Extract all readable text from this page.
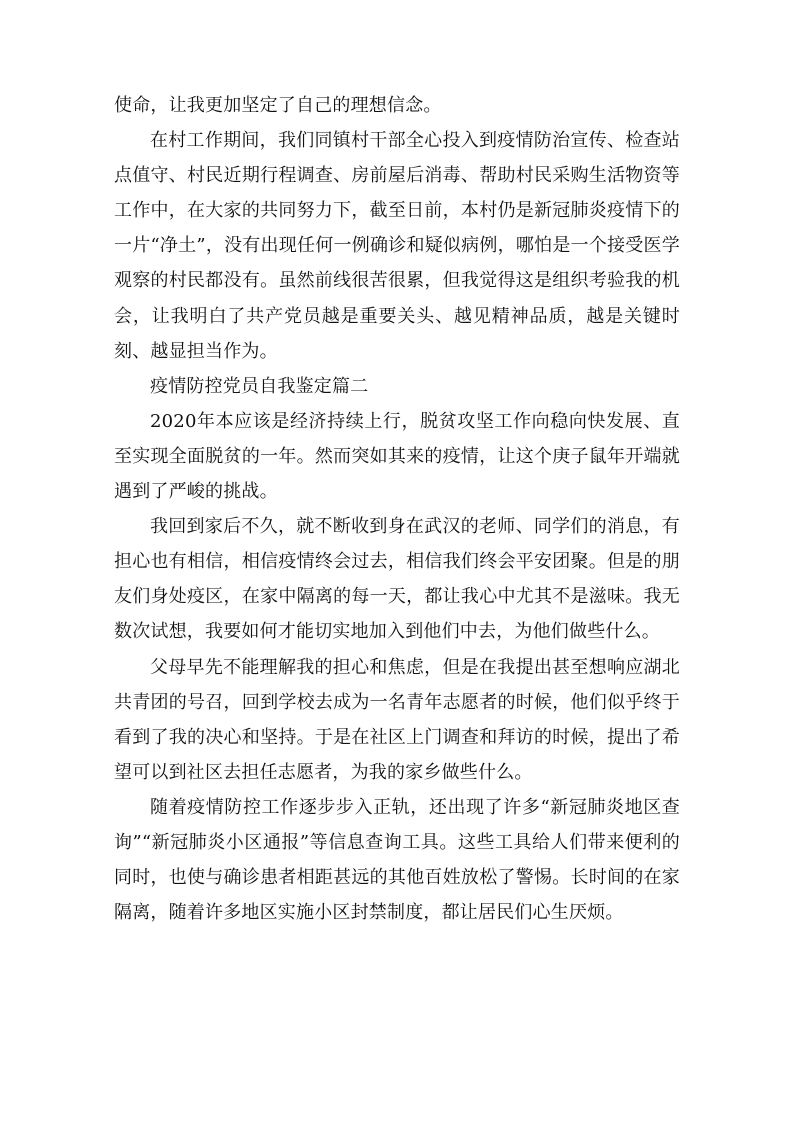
使命，让我更加坚定了自己的理想信念。

在村工作期间，我们同镇村干部全心投入到疫情防治宣传、检查站点值守、村民近期行程调查、房前屋后消毒、帮助村民采购生活物资等工作中，在大家的共同努力下，截至日前，本村仍是新冠肺炎疫情下的一片“净土”，没有出现任何一例确诊和疑似病例，哪怕是一个接受医学观察的村民都没有。虽然前线很苦很累，但我觉得这是组织考验我的机会，让我明白了共产党员越是重要关头、越见精神品质，越是关键时刻、越显担当作为。

疫情防控党员自我鉴定篇二

2020年本应该是经济持续上行，脱贫攻坚工作向稳向快发展、直至实现全面脱贫的一年。然而突如其来的疫情，让这个庚子鼠年开端就遇到了严峻的挑战。

我回到家后不久，就不断收到身在武汉的老师、同学们的消息，有担心也有相信，相信疫情终会过去，相信我们终会平安团聚。但是的朋友们身处疫区，在家中隔离的每一天，都让我心中尤其不是滋味。我无数次试想，我要如何才能切实地加入到他们中去，为他们做些什么。

父母早先不能理解我的担心和焦虑，但是在我提出甚至想响应湖北共青团的号召，回到学校去成为一名青年志愿者的时候，他们似乎终于看到了我的决心和坚持。于是在社区上门调查和拜访的时候，提出了希望可以到社区去担任志愿者，为我的家乡做些什么。

随着疫情防控工作逐步步入正轨，还出现了许多“新冠肺炎地区查询”“新冠肺炎小区通报”等信息查询工具。这些工具给人们带来便利的同时，也使与确诊患者相距甚远的其他百姓放松了警惕。长时间的在家隔离，随着许多地区实施小区封禁制度，都让居民们心生厌烦。
